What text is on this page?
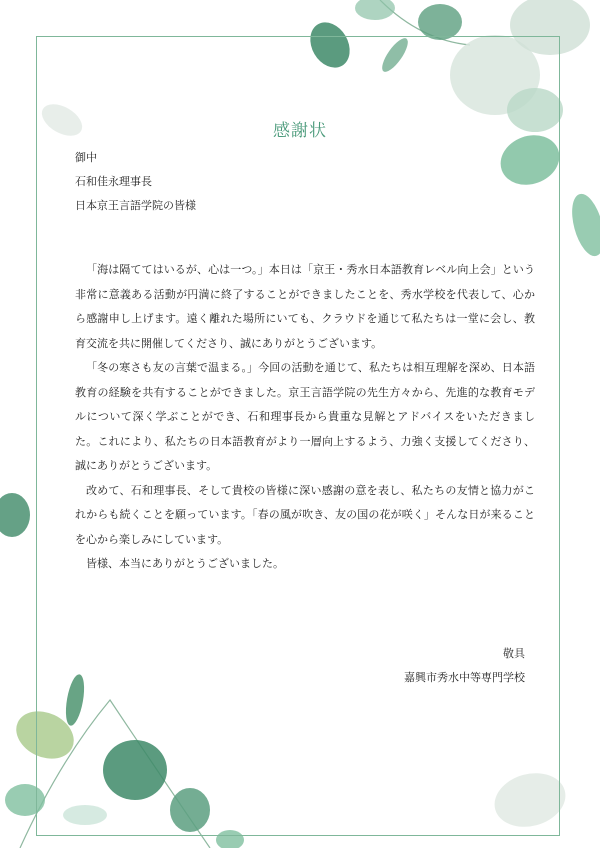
感謝状
御中
石和佳永理事長
日本京王言語学院の皆様

「海は隔ててはいるが、心は一つ。」本日は「京王・秀水日本語教育レベル向上会」という非常に意義ある活動が円満に終了することができましたことを、秀水学校を代表して、心から感謝申し上げます。遠く離れた場所にいても、クラウドを通じて私たちは一堂に会し、教育交流を共に開催してくださり、誠にありがとうございます。

「冬の寒さも友の言葉で温まる。」今回の活動を通じて、私たちは相互理解を深め、日本語教育の経験を共有することができました。京王言語学院の先生方々から、先進的な教育モデルについて深く学ぶことができ、石和理事長から貴重な見解とアドバイスをいただきました。これにより、私たちの日本語教育がより一層向上するよう、力強く支援してくださり、誠にありがとうございます。

改めて、石和理事長、そして貴校の皆様に深い感謝の意を表し、私たちの友情と協力がこれからも続くことを願っています。「春の風が吹き、友の国の花が咲く」そんな日が来ることを心から楽しみにしています。

皆様、本当にありがとうございました。

敬具
嘉興市秀水中等専門学校
